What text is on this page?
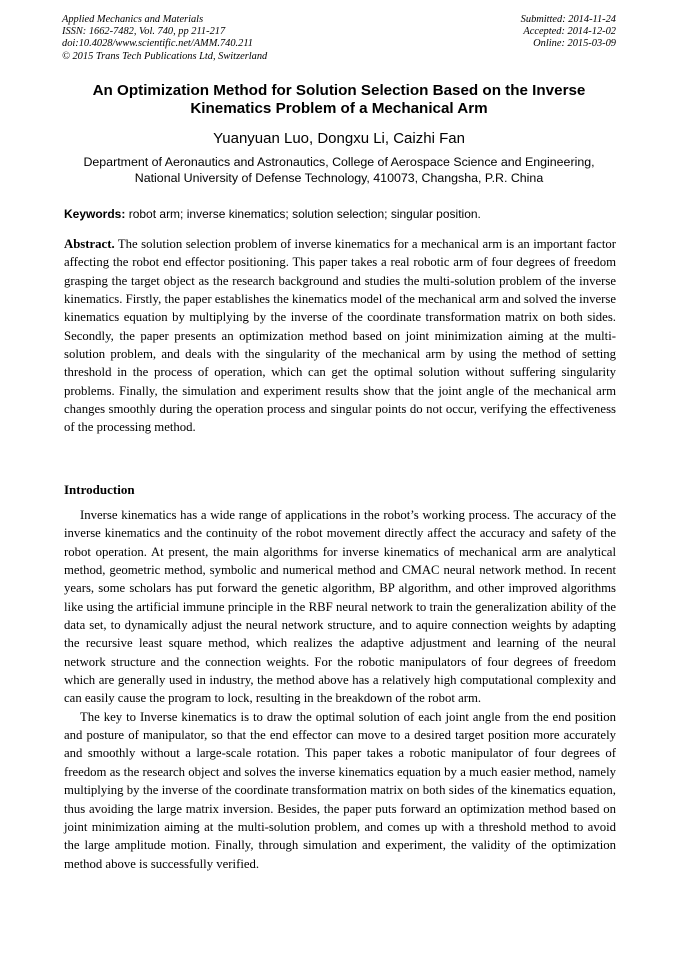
Applied Mechanics and Materials
ISSN: 1662-7482, Vol. 740, pp 211-217
doi:10.4028/www.scientific.net/AMM.740.211
© 2015 Trans Tech Publications Ltd, Switzerland
Submitted: 2014-11-24
Accepted: 2014-12-02
Online: 2015-03-09
An Optimization Method for Solution Selection Based on the Inverse
Kinematics Problem of a Mechanical Arm
Yuanyuan Luo, Dongxu Li, Caizhi Fan
Department of Aeronautics and Astronautics, College of Aerospace Science and Engineering,
National University of Defense Technology, 410073, Changsha, P.R. China
Keywords: robot arm; inverse kinematics; solution selection; singular position.

Abstract. The solution selection problem of inverse kinematics for a mechanical arm is an important factor affecting the robot end effector positioning. This paper takes a real robotic arm of four degrees of freedom grasping the target object as the research background and studies the multi-solution problem of the inverse kinematics. Firstly, the paper establishes the kinematics model of the mechanical arm and solved the inverse kinematics equation by multiplying by the inverse of the coordinate transformation matrix on both sides. Secondly, the paper presents an optimization method based on joint minimization aiming at the multi-solution problem, and deals with the singularity of the mechanical arm by using the method of setting threshold in the process of operation, which can get the optimal solution without suffering singularity problems. Finally, the simulation and experiment results show that the joint angle of the mechanical arm changes smoothly during the operation process and singular points do not occur, verifying the effectiveness of the processing method.

Introduction

Inverse kinematics has a wide range of applications in the robot’s working process. The accuracy of the inverse kinematics and the continuity of the robot movement directly affect the accuracy and safety of the robot operation. At present, the main algorithms for inverse kinematics of mechanical arm are analytical method, geometric method, symbolic and numerical method and CMAC neural network method. In recent years, some scholars has put forward the genetic algorithm, BP algorithm, and other improved algorithms like using the artificial immune principle in the RBF neural network to train the generalization ability of the data set, to dynamically adjust the neural network structure, and to aquire connection weights by adapting the recursive least square method, which realizes the adaptive adjustment and learning of the neural network structure and the connection weights. For the robotic manipulators of four degrees of freedom which are generally used in industry, the method above has a relatively high computational complexity and can easily cause the program to lock, resulting in the breakdown of the robot arm.

The key to Inverse kinematics is to draw the optimal solution of each joint angle from the end position and posture of manipulator, so that the end effector can move to a desired target position more accurately and smoothly without a large-scale rotation. This paper takes a robotic manipulator of four degrees of freedom as the research object and solves the inverse kinematics equation by a much easier method, namely multiplying by the inverse of the coordinate transformation matrix on both sides of the kinematics equation, thus avoiding the large matrix inversion. Besides, the paper puts forward an optimization method based on joint minimization aiming at the multi-solution problem, and comes up with a threshold method to avoid the large amplitude motion. Finally, through simulation and experiment, the validity of the optimization method above is successfully verified.
